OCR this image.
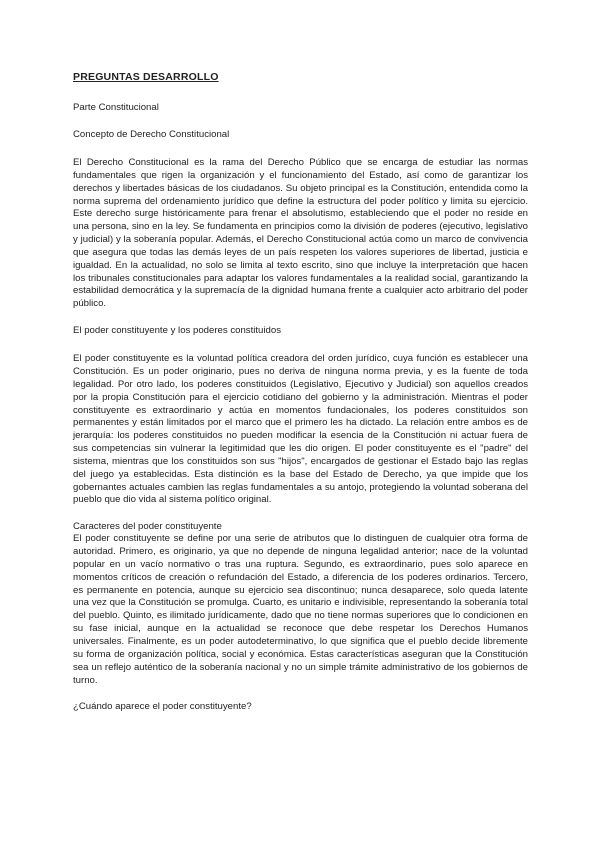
PREGUNTAS DESARROLLO

Parte Constitucional

Concepto de Derecho Constitucional

El Derecho Constitucional es la rama del Derecho Público que se encarga de estudiar las normas fundamentales que rigen la organización y el funcionamiento del Estado, así como de garantizar los derechos y libertades básicas de los ciudadanos. Su objeto principal es la Constitución, entendida como la norma suprema del ordenamiento jurídico que define la estructura del poder político y limita su ejercicio. Este derecho surge históricamente para frenar el absolutismo, estableciendo que el poder no reside en una persona, sino en la ley. Se fundamenta en principios como la división de poderes (ejecutivo, legislativo y judicial) y la soberanía popular. Además, el Derecho Constitucional actúa como un marco de convivencia que asegura que todas las demás leyes de un país respeten los valores superiores de libertad, justicia e igualdad. En la actualidad, no solo se limita al texto escrito, sino que incluye la interpretación que hacen los tribunales constitucionales para adaptar los valores fundamentales a la realidad social, garantizando la estabilidad democrática y la supremacía de la dignidad humana frente a cualquier acto arbitrario del poder público.

El poder constituyente y los poderes constituidos

El poder constituyente es la voluntad política creadora del orden jurídico, cuya función es establecer una Constitución. Es un poder originario, pues no deriva de ninguna norma previa, y es la fuente de toda legalidad. Por otro lado, los poderes constituidos (Legislativo, Ejecutivo y Judicial) son aquellos creados por la propia Constitución para el ejercicio cotidiano del gobierno y la administración. Mientras el poder constituyente es extraordinario y actúa en momentos fundacionales, los poderes constituidos son permanentes y están limitados por el marco que el primero les ha dictado. La relación entre ambos es de jerarquía: los poderes constituidos no pueden modificar la esencia de la Constitución ni actuar fuera de sus competencias sin vulnerar la legitimidad que les dio origen. El poder constituyente es el "padre" del sistema, mientras que los constituidos son sus "hijos", encargados de gestionar el Estado bajo las reglas del juego ya establecidas. Esta distinción es la base del Estado de Derecho, ya que impide que los gobernantes actuales cambien las reglas fundamentales a su antojo, protegiendo la voluntad soberana del pueblo que dio vida al sistema político original.

Caracteres del poder constituyente

El poder constituyente se define por una serie de atributos que lo distinguen de cualquier otra forma de autoridad. Primero, es originario, ya que no depende de ninguna legalidad anterior; nace de la voluntad popular en un vacío normativo o tras una ruptura. Segundo, es extraordinario, pues solo aparece en momentos críticos de creación o refundación del Estado, a diferencia de los poderes ordinarios. Tercero, es permanente en potencia, aunque su ejercicio sea discontinuo; nunca desaparece, solo queda latente una vez que la Constitución se promulga. Cuarto, es unitario e indivisible, representando la soberanía total del pueblo. Quinto, es ilimitado jurídicamente, dado que no tiene normas superiores que lo condicionen en su fase inicial, aunque en la actualidad se reconoce que debe respetar los Derechos Humanos universales. Finalmente, es un poder autodeterminativo, lo que significa que el pueblo decide libremente su forma de organización política, social y económica. Estas características aseguran que la Constitución sea un reflejo auténtico de la soberanía nacional y no un simple trámite administrativo de los gobiernos de turno.

¿Cuándo aparece el poder constituyente?
